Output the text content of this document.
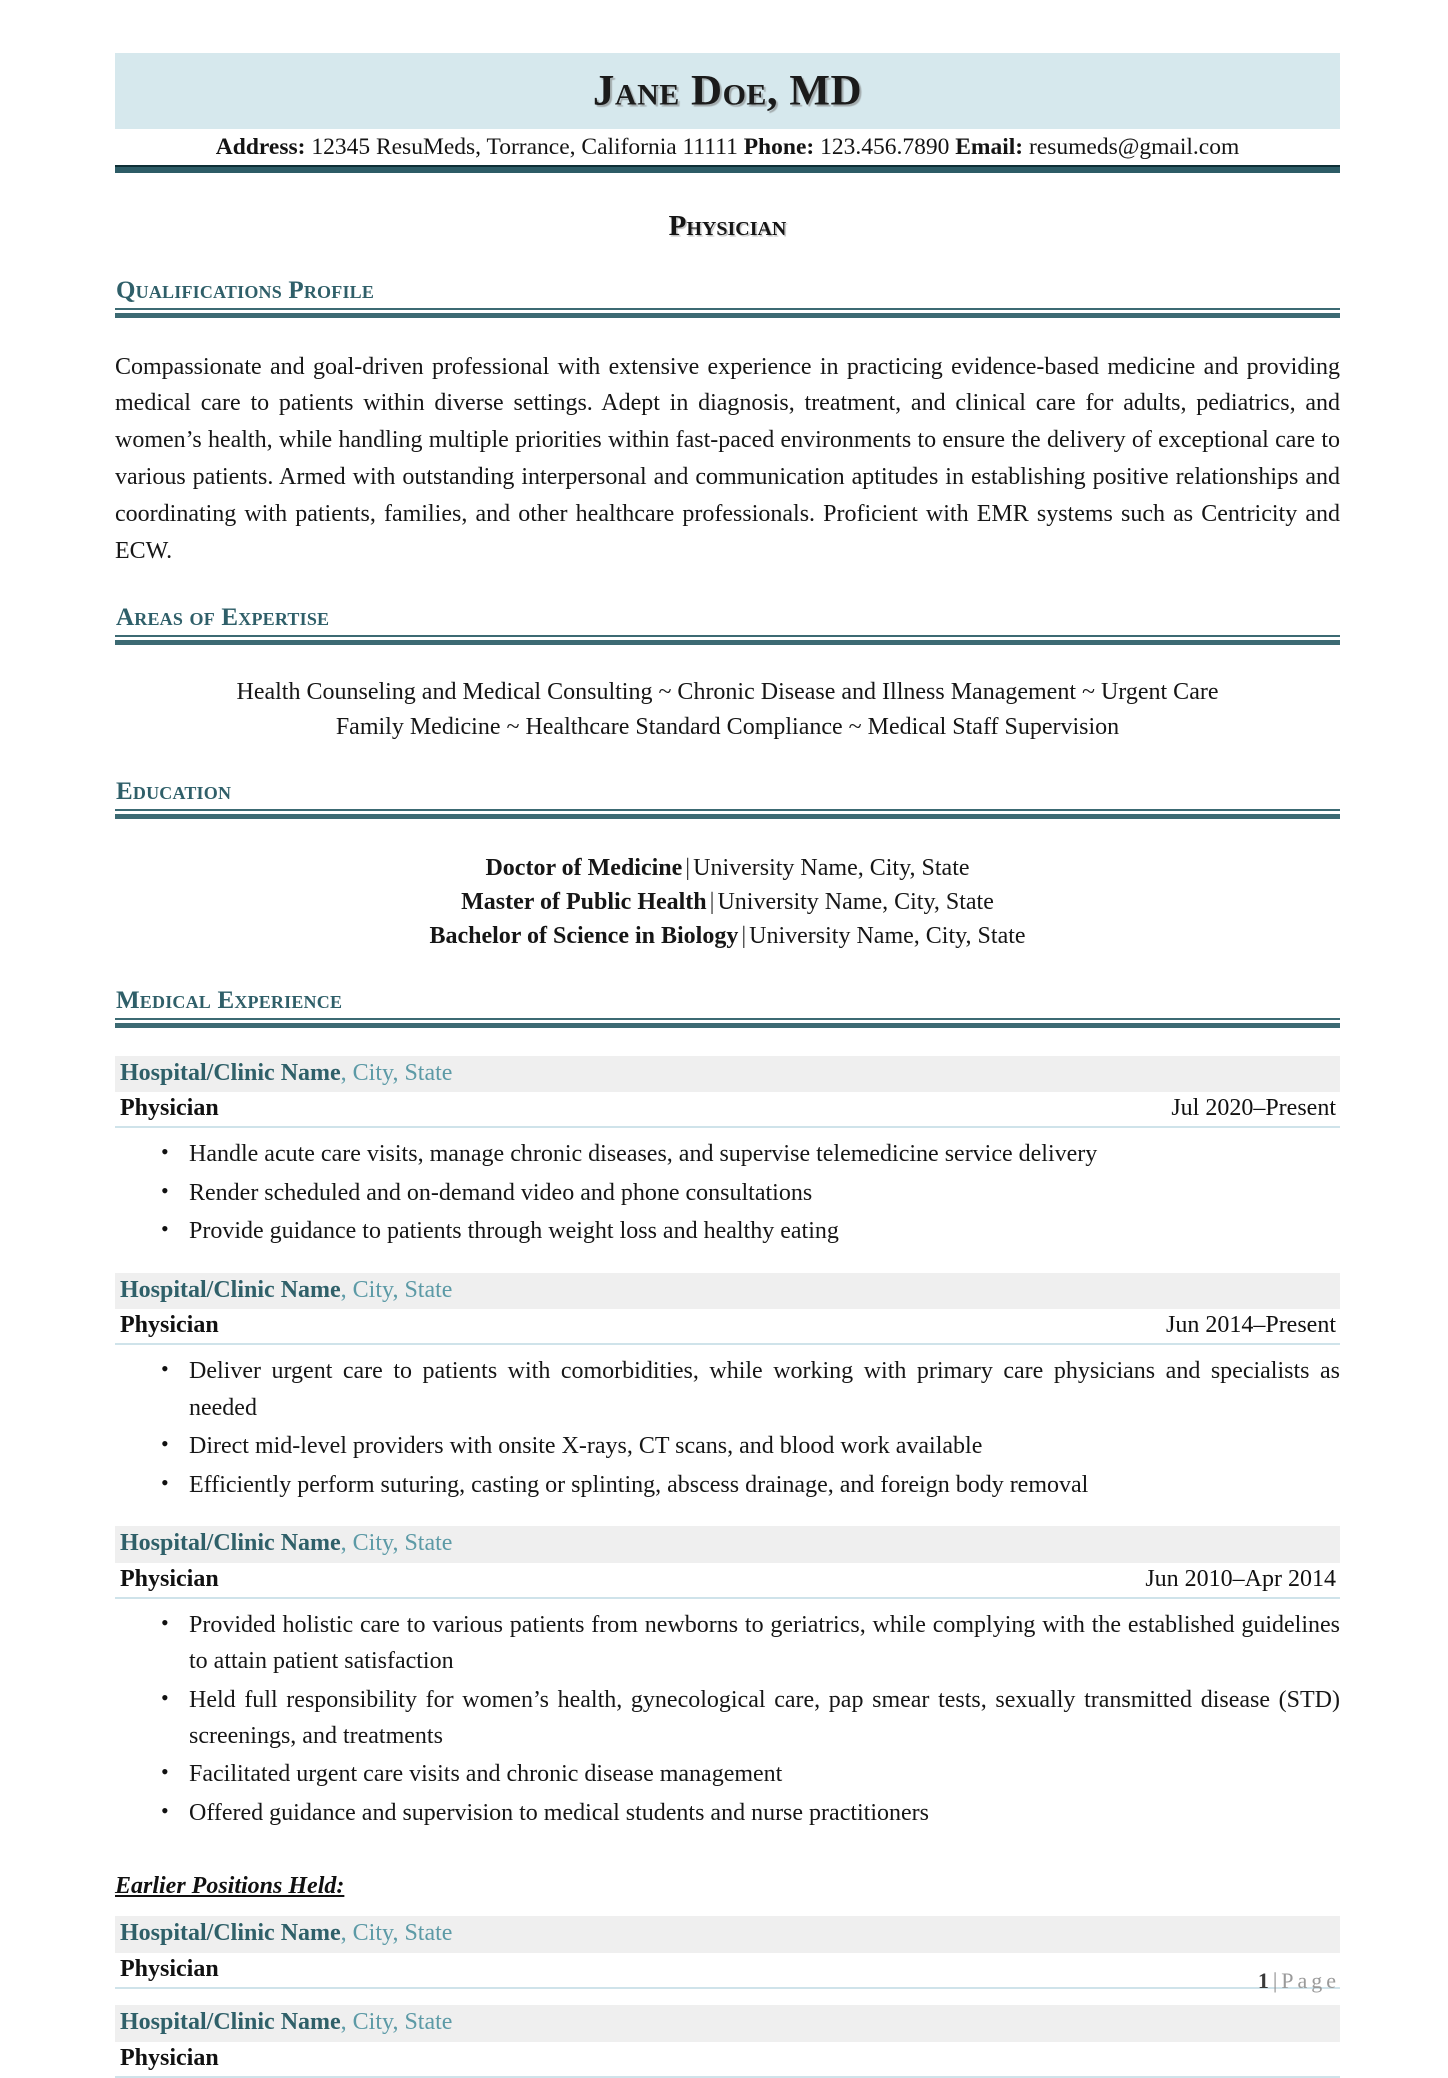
Jane Doe, MD
Address: 12345 ResuMeds, Torrance, California 11111 Phone: 123.456.7890 Email: resumeds@gmail.com
Physician
Qualifications Profile
Compassionate and goal-driven professional with extensive experience in practicing evidence-based medicine and providing medical care to patients within diverse settings. Adept in diagnosis, treatment, and clinical care for adults, pediatrics, and women’s health, while handling multiple priorities within fast-paced environments to ensure the delivery of exceptional care to various patients. Armed with outstanding interpersonal and communication aptitudes in establishing positive relationships and coordinating with patients, families, and other healthcare professionals. Proficient with EMR systems such as Centricity and ECW.
Areas of Expertise
Health Counseling and Medical Consulting ~ Chronic Disease and Illness Management ~ Urgent Care
Family Medicine ~ Healthcare Standard Compliance ~ Medical Staff Supervision
Education
Doctor of Medicine | University Name, City, State
Master of Public Health | University Name, City, State
Bachelor of Science in Biology | University Name, City, State
Medical Experience
Hospital/Clinic Name, City, State
Physician	Jul 2020–Present
• Handle acute care visits, manage chronic diseases, and supervise telemedicine service delivery
• Render scheduled and on-demand video and phone consultations
• Provide guidance to patients through weight loss and healthy eating
Hospital/Clinic Name, City, State
Physician	Jun 2014–Present
• Deliver urgent care to patients with comorbidities, while working with primary care physicians and specialists as needed
• Direct mid-level providers with onsite X-rays, CT scans, and blood work available
• Efficiently perform suturing, casting or splinting, abscess drainage, and foreign body removal
Hospital/Clinic Name, City, State
Physician	Jun 2010–Apr 2014
• Provided holistic care to various patients from newborns to geriatrics, while complying with the established guidelines to attain patient satisfaction
• Held full responsibility for women’s health, gynecological care, pap smear tests, sexually transmitted disease (STD) screenings, and treatments
• Facilitated urgent care visits and chronic disease management
• Offered guidance and supervision to medical students and nurse practitioners
Earlier Positions Held:
Hospital/Clinic Name, City, State
Physician
Hospital/Clinic Name, City, State
Physician
1 | Page
